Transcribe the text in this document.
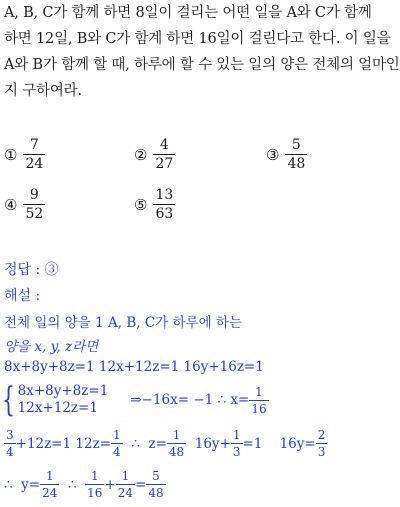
A, B, C가 함께 하면 8일이 걸리는 어떤 일을 A와 C가 함께
하면 12일, B와 C가 함계 하면 16일이 걸린다고 한다. 이 일을
A와 B가 함께 할 때, 하루에 할 수 있는 일의 양은 전체의 얼마인
지 구하여라.
① $\frac{7}{24}$	② $\frac{4}{27}$	③ $\frac{5}{48}$
④ $\frac{9}{52}$	⑤ $\frac{13}{63}$
정답 : ③
해설 :
전체 일의 양을 1 A, B, C가 하루에 하는
양을 x, y, z라면
8x+8y+8z=1 12x+12z=1 16y+16z=1
{ 8x+8y+8z=1
12x+12z=1	⇒−16x= −1 ∴ $x= \frac{1}{16}$
$\frac{3}{4} +12z=1$ $12z= \frac{1}{4}$ ∴  $z= \frac{1}{48} 16y+ \frac{1}{3} =1$    $16y= \frac{2}{3}$
∴  $y= \frac{1}{24}$ ∴ $\frac{1}{16} + \frac{1}{24} = \frac{5}{48}$
